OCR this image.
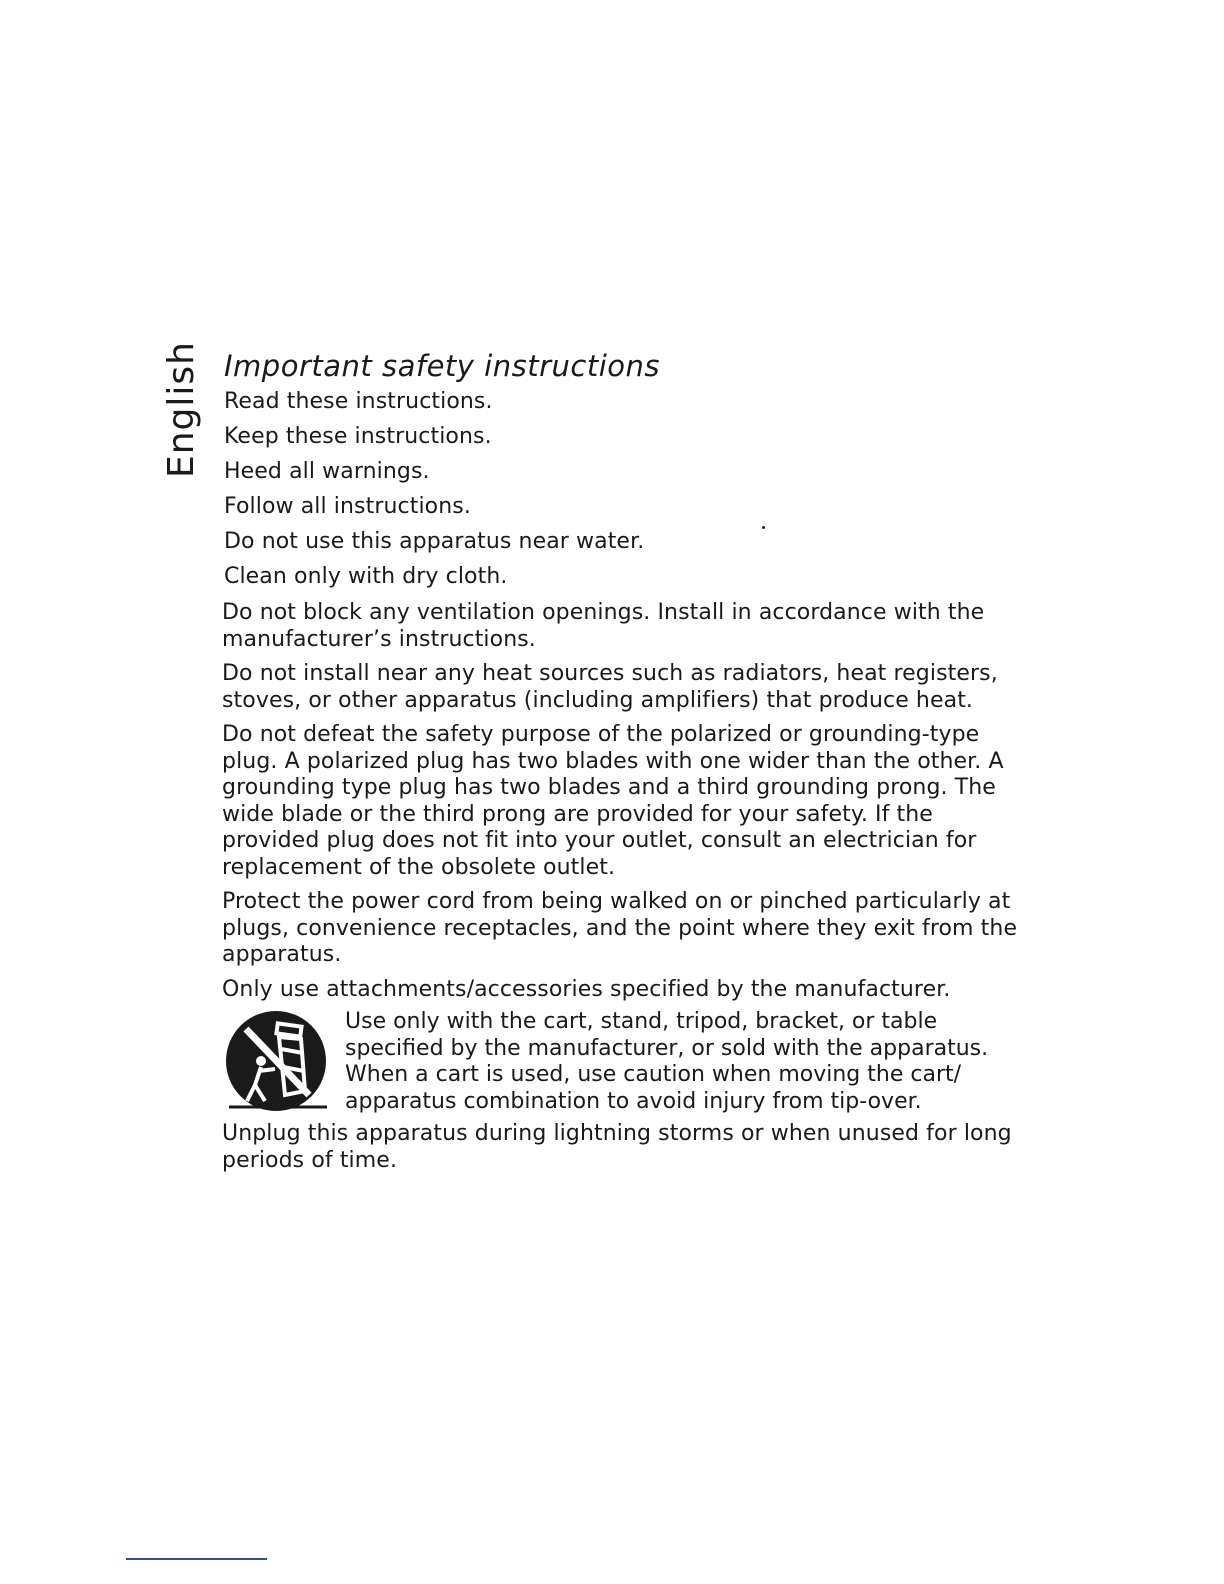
English Important safety instructions

Read these instructions.

Keep these instructions.

Heed all warnings.

Follow all instructions.

Do not use this apparatus near water.

Clean only with dry cloth.

Do not block any ventilation openings. Install in accordance with the
manufacturer’s instructions.
Do not install near any heat sources such as radiators, heat registers,
stoves, or other apparatus (including amplifiers) that produce heat.
Do not defeat the safety purpose of the polarized or grounding-type
plug. A polarized plug has two blades with one wider than the other. A
grounding type plug has two blades and a third grounding prong. The
wide blade or the third prong are provided for your safety. If the
provided plug does not fit into your outlet, consult an electrician for
replacement of the obsolete outlet.
Protect the power cord from being walked on or pinched particularly at
plugs, convenience receptacles, and the point where they exit from the
apparatus.
Only use attachments/accessories specified by the manufacturer.
Use only with the cart, stand, tripod, bracket, or table
specified by the manufacturer, or sold with the apparatus.
When a cart is used, use caution when moving the cart/
apparatus combination to avoid injury from tip-over.
Unplug this apparatus during lightning storms or when unused for long
periods of time.
